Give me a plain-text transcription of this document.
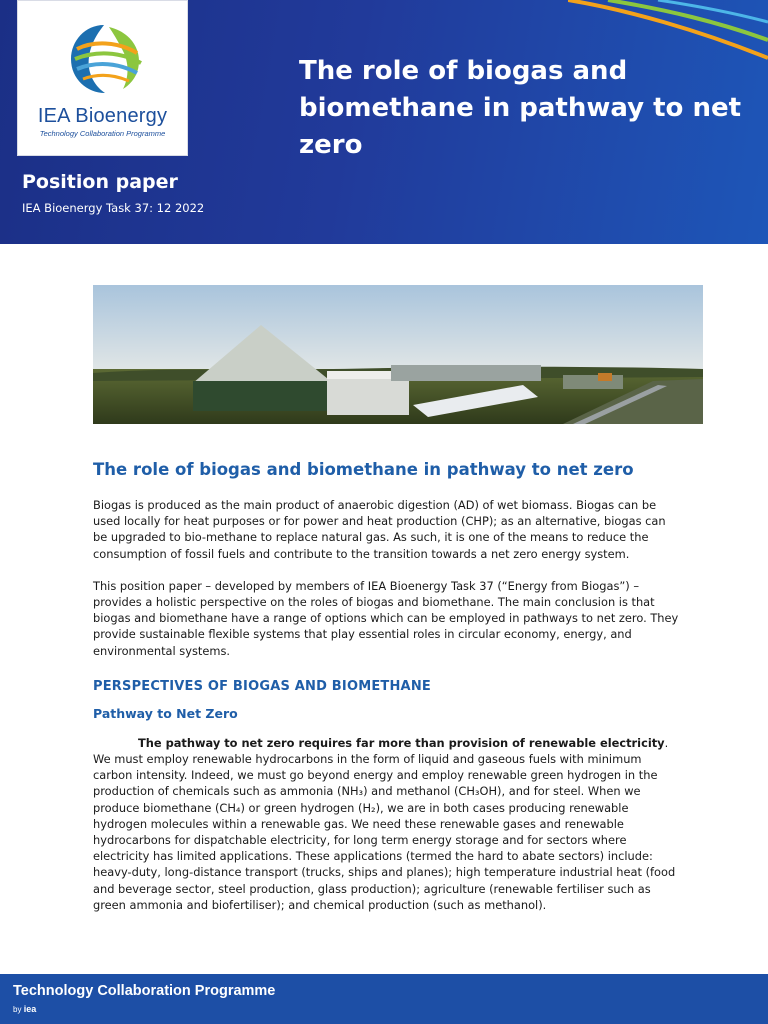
IEA Bioenergy
Technology Collaboration Programme
The role of biogas and biomethane in pathway to net zero
Position paper
IEA Bioenergy Task 37: 12 2022
The role of biogas and biomethane in pathway to net zero

Biogas is produced as the main product of anaerobic digestion (AD) of wet biomass. Biogas can be used locally for heat purposes or for power and heat production (CHP); as an alternative, biogas can be upgraded to bio-methane to replace natural gas. As such, it is one of the means to reduce the consumption of fossil fuels and contribute to the transition towards a net zero energy system.

This position paper – developed by members of IEA Bioenergy Task 37 (“Energy from Biogas”) – provides a holistic perspective on the roles of biogas and biomethane. The main conclusion is that biogas and biomethane have a range of options which can be employed in pathways to net zero. They provide sustainable flexible systems that play essential roles in circular economy, energy, and environmental systems.

PERSPECTIVES OF BIOGAS AND BIOMETHANE
Pathway to Net Zero

The pathway to net zero requires far more than provision of renewable electricity. We must employ renewable hydrocarbons in the form of liquid and gaseous fuels with minimum carbon intensity. Indeed, we must go beyond energy and employ renewable green hydrogen in the production of chemicals such as ammonia (NH₃) and methanol (CH₃OH), and for steel. When we produce biomethane (CH₄) or green hydrogen (H₂), we are in both cases producing renewable hydrogen molecules within a renewable gas. We need these renewable gases and renewable hydrocarbons for dispatchable electricity, for long term energy storage and for sectors where electricity has limited applications. These applications (termed the hard to abate sectors) include: heavy-duty, long-distance transport (trucks, ships and planes); high temperature industrial heat (food and beverage sector, steel production, glass production); agriculture (renewable fertiliser such as green ammonia and biofertiliser); and chemical production (such as methanol).

Technology Collaboration Programme
by iea
